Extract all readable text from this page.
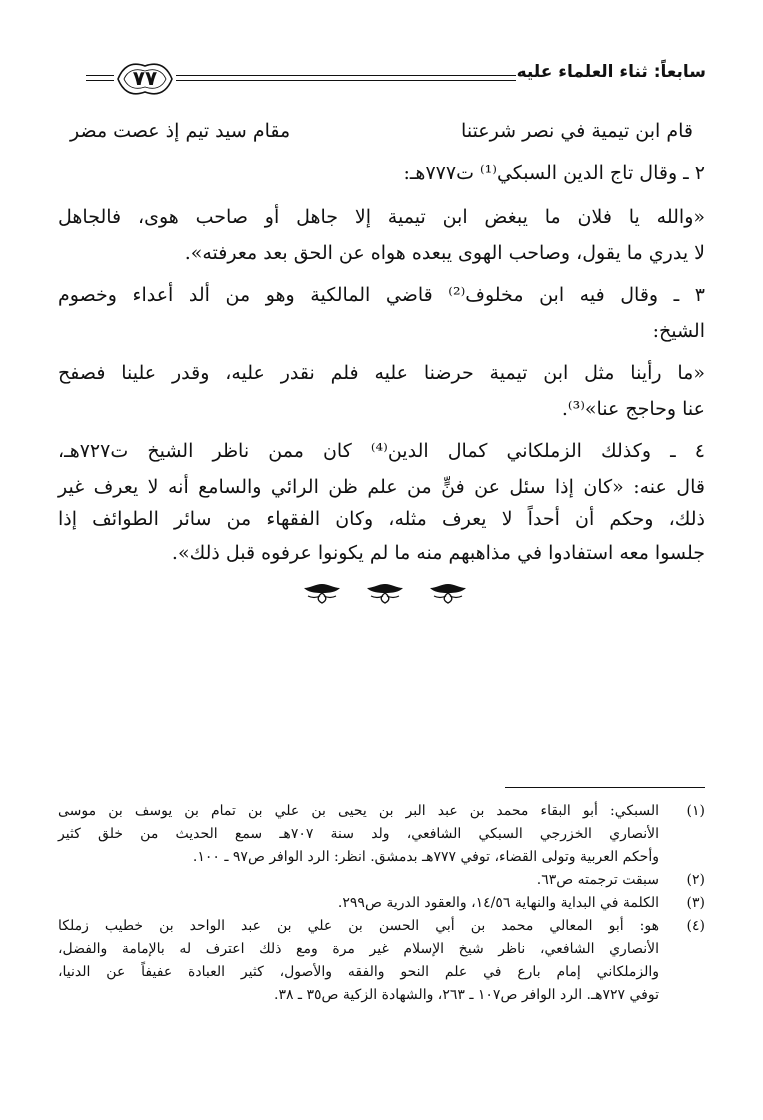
سابعاً: ثناء العلماء عليه
٧٧
قام ابن تيمية في نصر شرعتنا
مقام سيد تيم إذ عصت مضر
٢ ـ وقال تاج الدين السبكي⁽¹⁾ ت٧٧٧هـ:
«والله يا فلان ما يبغض ابن تيمية إلا جاهل أو صاحب هوى، فالجاهل
لا يدري ما يقول، وصاحب الهوى يبعده هواه عن الحق بعد معرفته».
٣ ـ وقال فيه ابن مخلوف⁽²⁾ قاضي المالكية وهو من ألد أعداء وخصوم
الشيخ:
«ما رأينا مثل ابن تيمية حرضنا عليه فلم نقدر عليه، وقدر علينا فصفح
عنا وحاجج عنا»⁽³⁾.
٤ ـ وكذلك الزملكاني كمال الدين⁽⁴⁾ كان ممن ناظر الشيخ ت٧٢٧هـ،
قال عنه: «كان إذا سئل عن فنٍّ من علم ظن الرائي والسامع أنه لا يعرف غير
ذلك، وحكم أن أحداً لا يعرف مثله، وكان الفقهاء من سائر الطوائف إذا
جلسوا معه استفادوا في مذاهبهم منه ما لم يكونوا عرفوه قبل ذلك».
(١)
السبكي: أبو البقاء محمد بن عبد البر بن يحيى بن علي بن تمام بن يوسف بن موسى
الأنصاري الخزرجي السبكي الشافعي، ولد سنة ٧٠٧هـ سمع الحديث من خلق كثير
وأحكم العربية وتولى القضاء، توفي ٧٧٧هـ بدمشق. انظر: الرد الوافر ص٩٧ ـ ١٠٠.
(٢)
سبقت ترجمته ص٦٣.
(٣)
الكلمة في البداية والنهاية ١٤/٥٦، والعقود الدرية ص٢٩٩.
(٤)
هو: أبو المعالي محمد بن أبي الحسن بن علي بن عبد الواحد بن خطيب زملكا
الأنصاري الشافعي، ناظر شيخ الإسلام غير مرة ومع ذلك اعترف له بالإمامة والفضل،
والزملكاني إمام بارع في علم النحو والفقه والأصول، كثير العبادة عفيفاً عن الدنيا،
توفي ٧٢٧هـ. الرد الوافر ص١٠٧ ـ ٢٦٣، والشهادة الزكية ص٣٥ ـ ٣٨.
